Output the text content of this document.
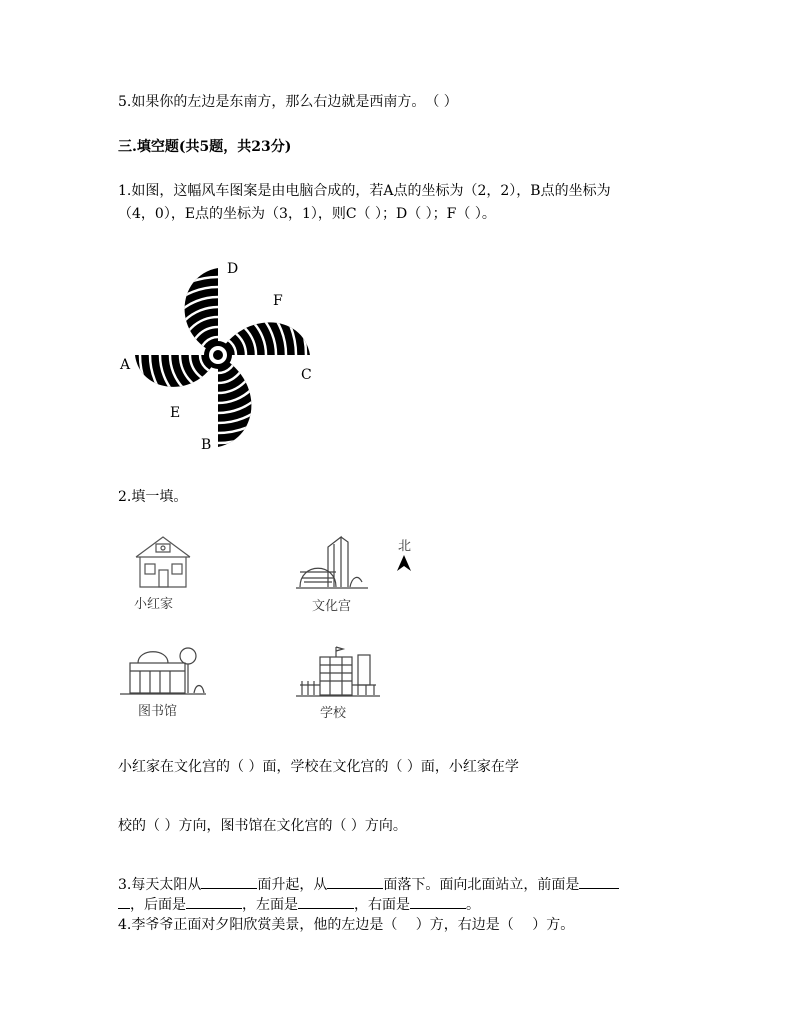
5.如果你的左边是东南方，那么右边就是西南方。　（ ）
三.填空题(共5题，共23分)
1.如图，这幅风车图案是由电脑合成的，若A点的坐标为（2，2），B点的坐标为
（4，0），E点的坐标为（3，1），则C（ ）；D（ ）；F（ ）。
D
F
A
C
E
B
2.填一填。
小红家	文化宫
北
图书馆	学校
小红家在文化宫的（ ）面，学校在文化宫的（ ）面，小红家在学
校的（ ）方向，图书馆在文化宫的（ ）方向。
3.每天太阳从	面升起，从	面落下。面向北面站立，前面是
，后面是	，左面是	，右面是	。
4.李爷爷正面对夕阳欣赏美景，他的左边是（　 ）方，右边是（　 ）方。
